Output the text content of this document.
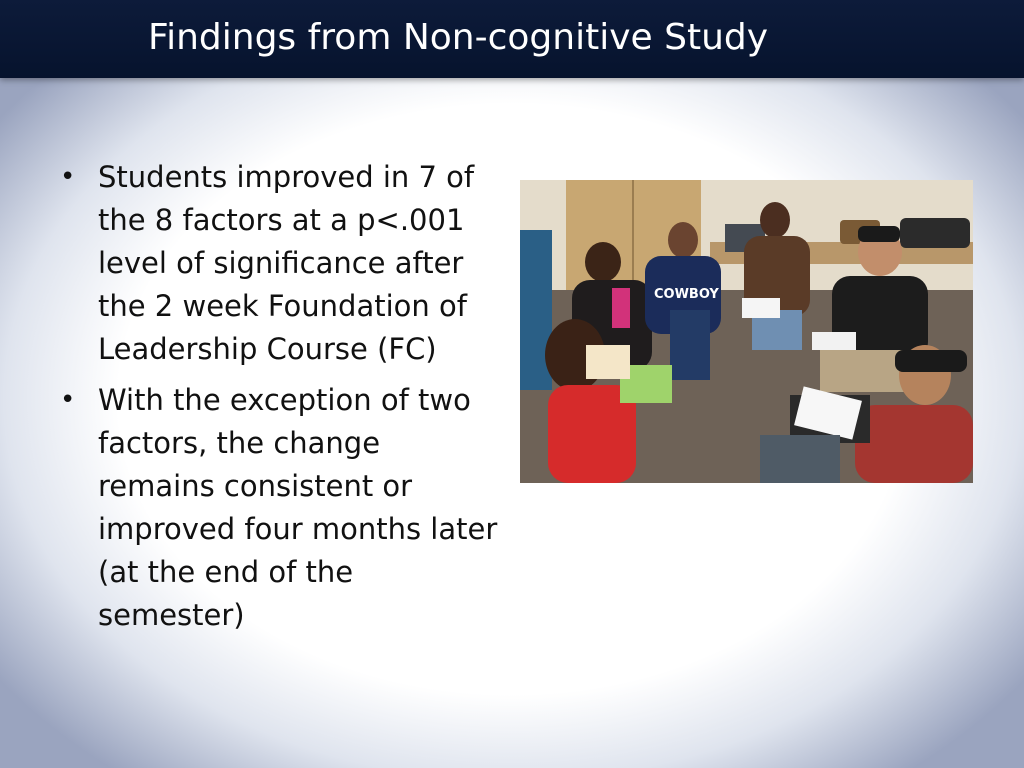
Findings from Non-cognitive Study
• Students improved in 7 of the 8 factors at a p<.001 level of significance after the 2 week Foundation of Leadership Course (FC)
• With the exception of two factors, the change remains consistent or improved four months later (at the end of the semester)
COWBOY
